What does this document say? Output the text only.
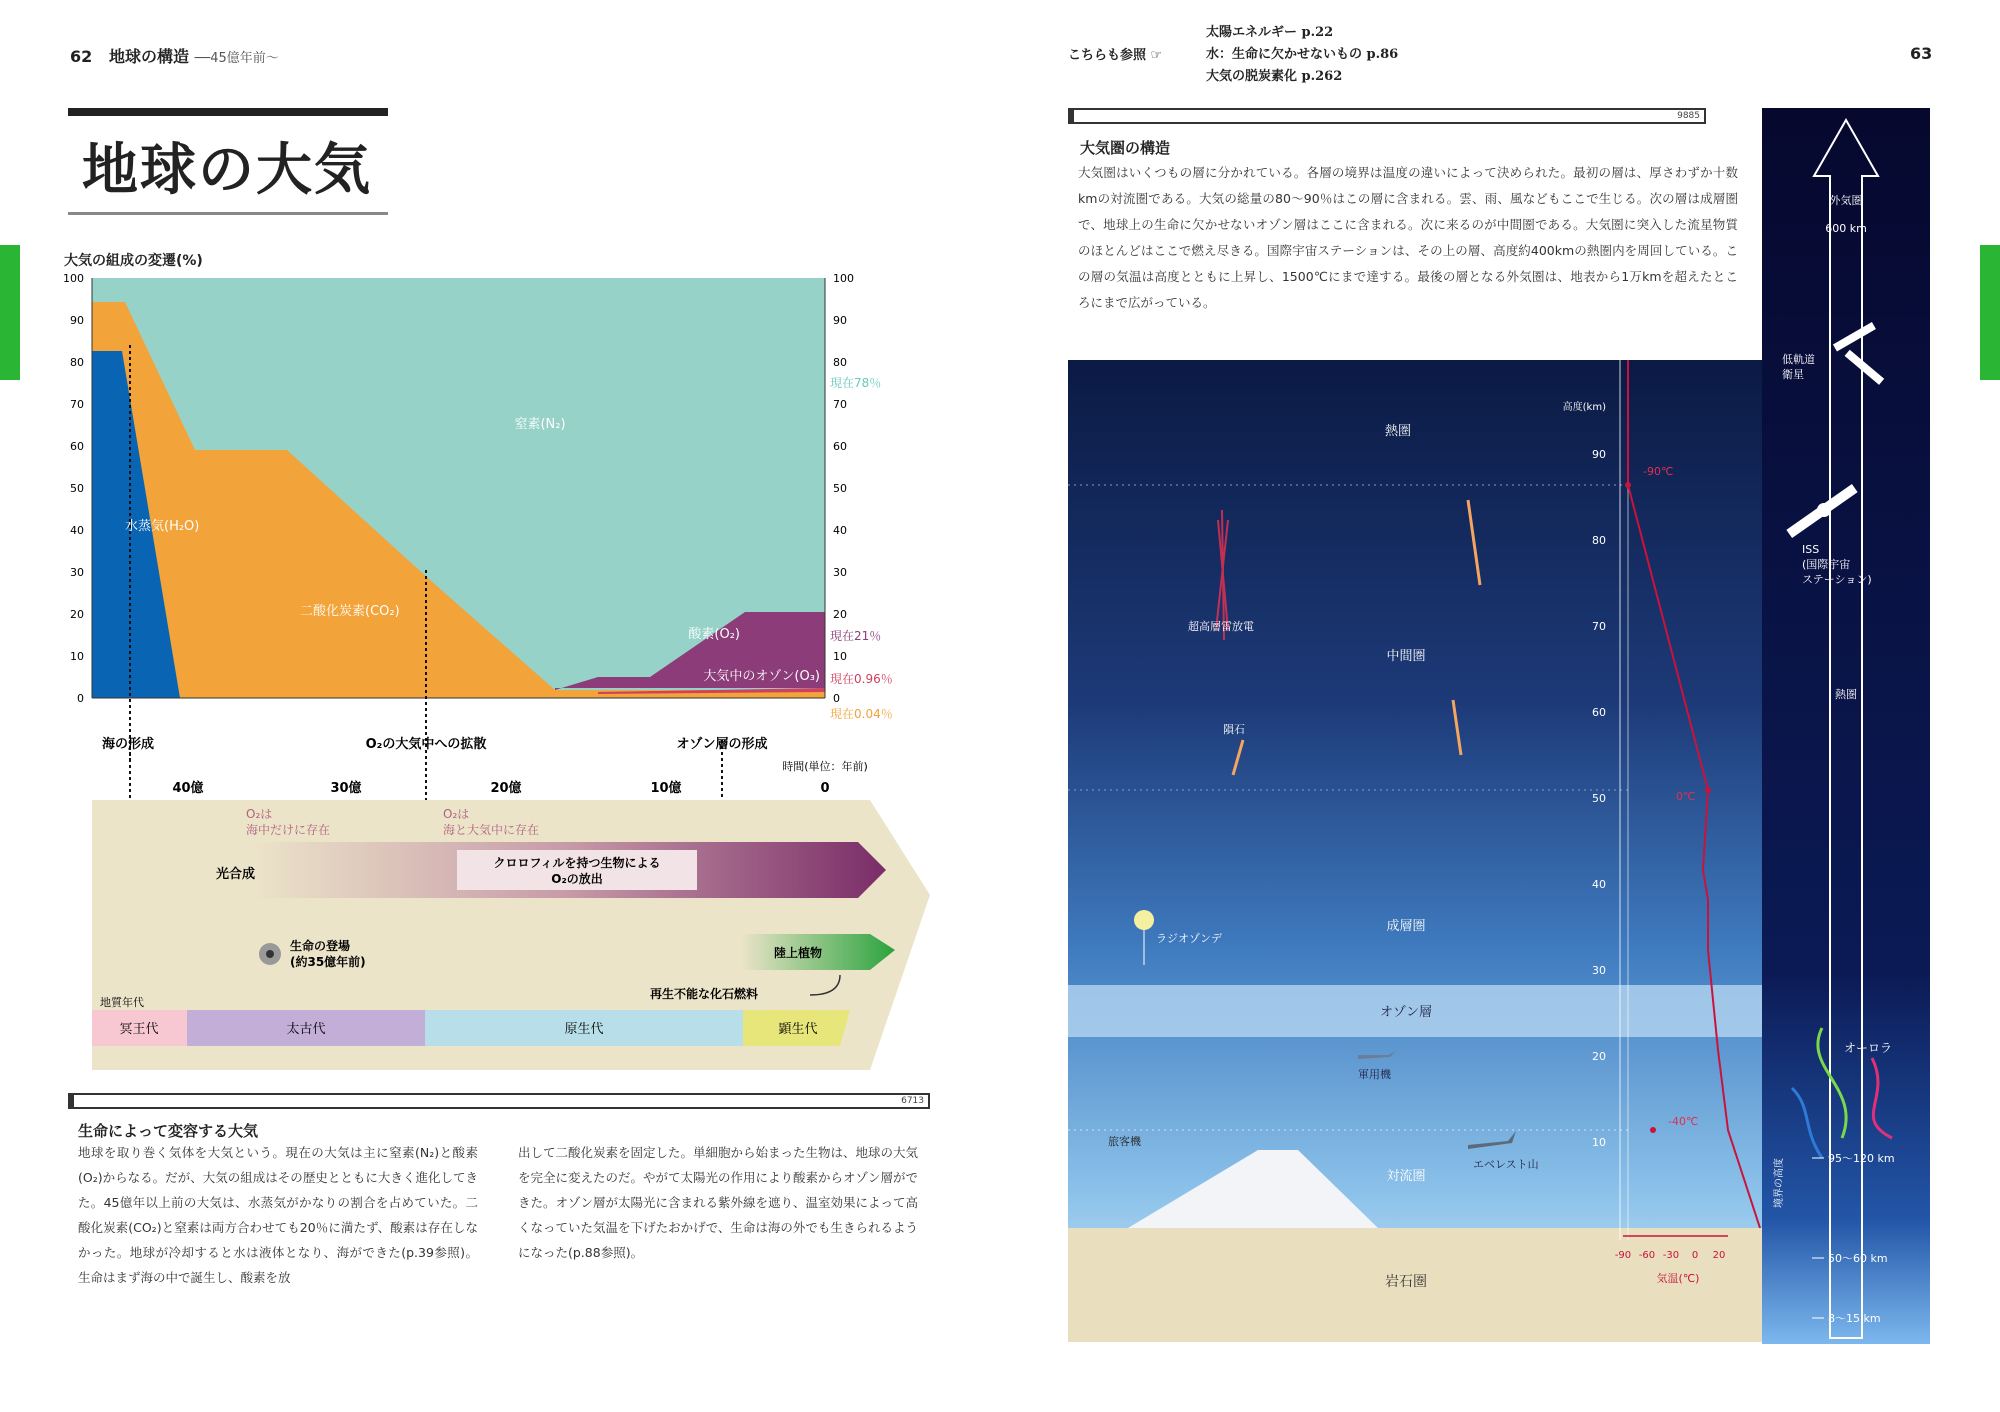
62 地球の構造 ──45億年前～
地球の大気
大気の組成の変遷(%)
0
10
20
30
40
50
60
70
80
90
100
0
10
20
30
40
50
60
70
80
90
100
窒素(N₂)
水蒸気(H₂O)
二酸化炭素(CO₂)
酸素(O₂)
大気中のオゾン(O₃)
現在78％
現在21％
現在0.96％
現在0.04％
海の形成	O₂の大気中への拡散	オゾン層の形成
40億	30億	20億	10億	0
時間(単位：年前)
冥王代	太古代	原生代	顕生代
地質年代
O₂は海中だけに存在
O₂は海と大気中に存在
光合成
クロロフィルを持つ生物による O₂の放出
生命の登場(約35億年前)
陸上植物
再生不能な化石燃料
6713
生命によって変容する大気
地球を取り巻く気体を大気という。現在の大気は主に窒素(N₂)と酸素(O₂)からなる。だが、大気の組成はその歴史とともに大きく進化してきた。45億年以上前の大気は、水蒸気がかなりの割合を占めていた。二酸化炭素(CO₂)と窒素は両方合わせても20％に満たず、酸素は存在しなかった。地球が冷却すると水は液体となり、海ができた(p.39参照)。生命はまず海の中で誕生し、酸素を放
出して二酸化炭素を固定した。単細胞から始まった生物は、地球の大気を完全に変えたのだ。やがて太陽光の作用により酸素からオゾン層ができた。オゾン層が太陽光に含まれる紫外線を遮り、温室効果によって高くなっていた気温を下げたおかげで、生命は海の外でも生きられるようになった(p.88参照)。
こちらも参照 ☞
太陽エネルギー p.22
水：生命に欠かせないもの p.86
大気の脱炭素化 p.262
63
9885
大気圏の構造
大気圏はいくつもの層に分かれている。各層の境界は温度の違いによって決められた。最初の層は、厚さわずか十数kmの対流圏である。大気の総量の80～90％はこの層に含まれる。雲、雨、風などもここで生じる。次の層は成層圏で、地球上の生命に欠かせないオゾン層はここに含まれる。次に来るのが中間圏である。大気圏に突入した流星物質のほとんどはここで燃え尽きる。国際宇宙ステーションは、その上の層、高度約400kmの熱圏内を周回している。この層の気温は高度とともに上昇し、1500℃にまで達する。最後の層となる外気圏は、地表から1万kmを超えたところにまで広がっている。
熱圏
中間圏
成層圏
オゾン層
対流圏
岩石圏
超高層雷放電
隕石
ラジオゾンデ
軍用機
旅客機
エベレスト山
高度(km)
90
80
70
60
50
40
30
20
10
-90℃
0℃
-40℃
-90 -60 -30 0 20
気温(℃)
外気圏
600 km
低軌道衛星
ISS (国際宇宙ステーション)
熱圏
オーロラ
境界の高度	95～120 km
50～60 km
8～15 km
